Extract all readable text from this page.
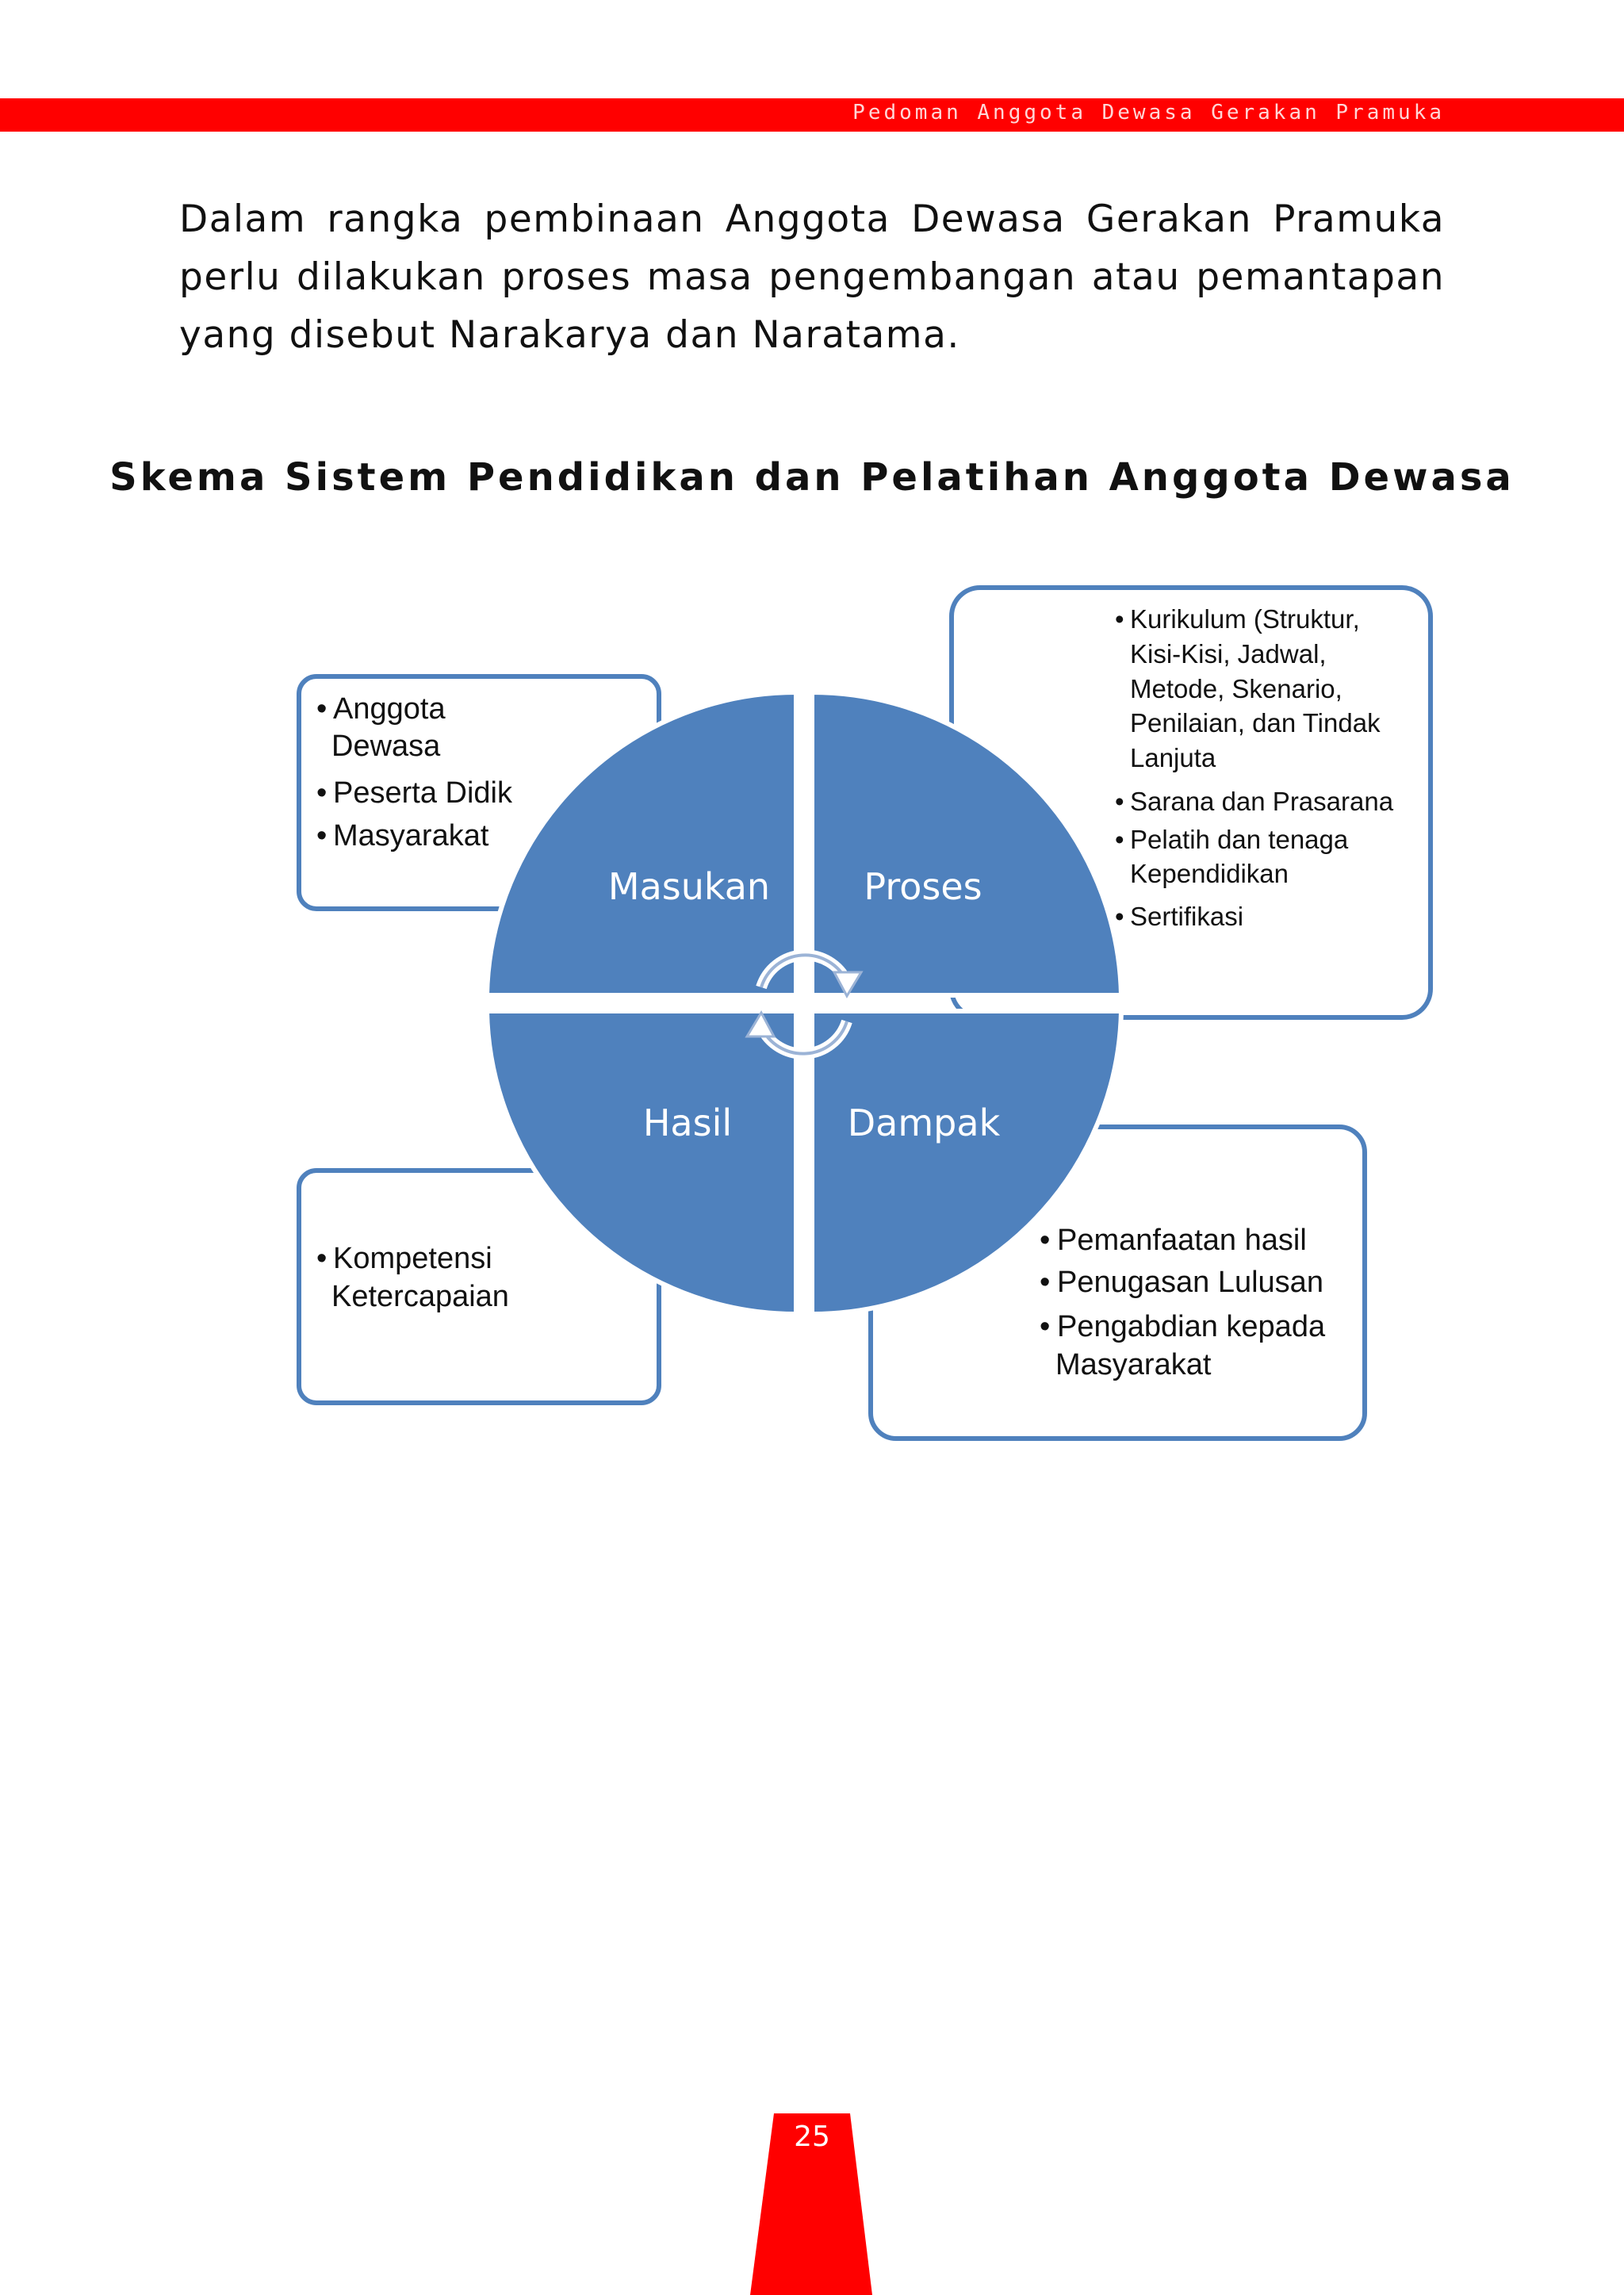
Pedoman Anggota Dewasa Gerakan Pramuka

Dalam rangka pembinaan Anggota Dewasa Gerakan Pramuka perlu dilakukan proses masa pengembangan atau pemantapan yang disebut Narakarya dan Naratama.

Skema Sistem Pendidikan dan Pelatihan Anggota Dewasa
Masukan	Proses
Hasil	Dampak
• Anggota
Dewasa
• Peserta Didik
• Masyarakat
• Kurikulum (Struktur,
Kisi-Kisi, Jadwal,
Metode, Skenario,
Penilaian, dan Tindak
Lanjuta
• Sarana dan Prasarana
• Pelatih dan tenaga
Kependidikan
• Sertifikasi
• Kompetensi
Ketercapaian
• Pemanfaatan hasil
• Penugasan Lulusan
• Pengabdian kepada
Masyarakat
25
